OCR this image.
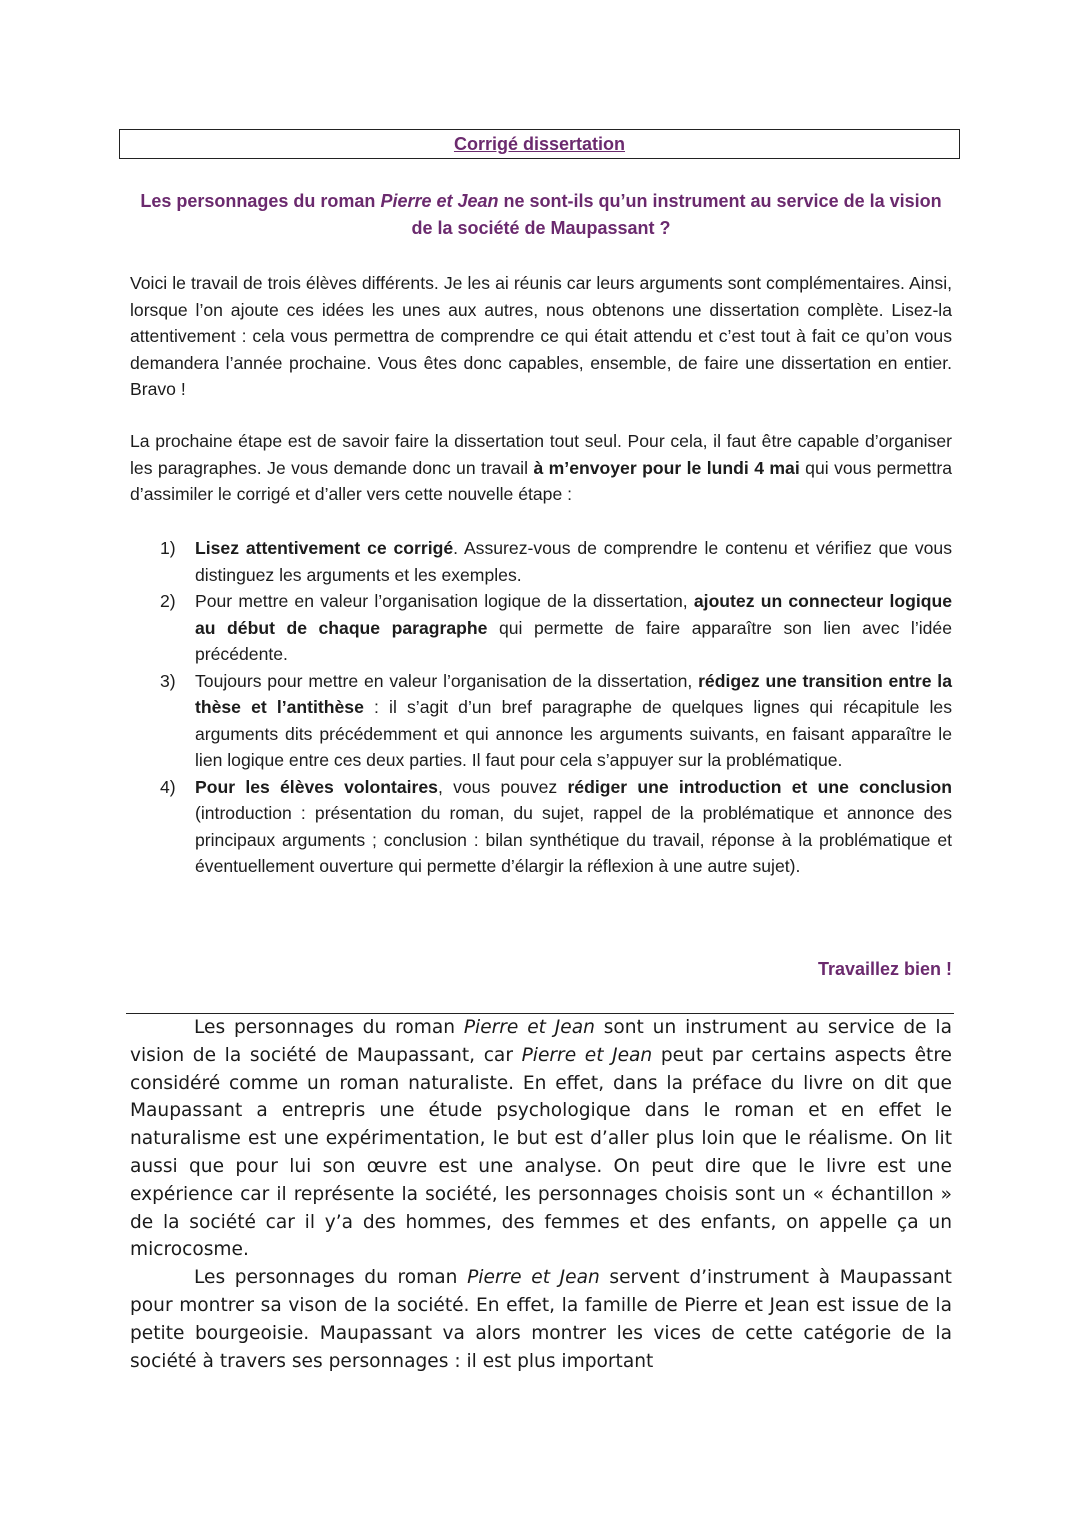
Corrigé dissertation
Les personnages du roman Pierre et Jean ne sont-ils qu’un instrument au service de la vision de la société de Maupassant ?
Voici le travail de trois élèves différents. Je les ai réunis car leurs arguments sont complémentaires. Ainsi, lorsque l’on ajoute ces idées les unes aux autres, nous obtenons une dissertation complète. Lisez-la attentivement : cela vous permettra de comprendre ce qui était attendu et c’est tout à fait ce qu’on vous demandera l’année prochaine. Vous êtes donc capables, ensemble, de faire une dissertation en entier. Bravo !
La prochaine étape est de savoir faire la dissertation tout seul. Pour cela, il faut être capable d’organiser les paragraphes. Je vous demande donc un travail à m’envoyer pour le lundi 4 mai qui vous permettra d’assimiler le corrigé et d’aller vers cette nouvelle étape :
1) Lisez attentivement ce corrigé. Assurez-vous de comprendre le contenu et vérifiez que vous distinguez les arguments et les exemples.
2) Pour mettre en valeur l’organisation logique de la dissertation, ajoutez un connecteur logique au début de chaque paragraphe qui permette de faire apparaître son lien avec l’idée précédente.
3) Toujours pour mettre en valeur l’organisation de la dissertation, rédigez une transition entre la thèse et l’antithèse : il s’agit d’un bref paragraphe de quelques lignes qui récapitule les arguments dits précédemment et qui annonce les arguments suivants, en faisant apparaître le lien logique entre ces deux parties. Il faut pour cela s’appuyer sur la problématique.
4) Pour les élèves volontaires, vous pouvez rédiger une introduction et une conclusion (introduction : présentation du roman, du sujet, rappel de la problématique et annonce des principaux arguments ; conclusion : bilan synthétique du travail, réponse à la problématique et éventuellement ouverture qui permette d’élargir la réflexion à une autre sujet).
Travaillez bien !

Les personnages du roman Pierre et Jean sont un instrument au service de la vision de la société de Maupassant, car Pierre et Jean peut par certains aspects être considéré comme un roman naturaliste. En effet, dans la préface du livre on dit que Maupassant a entrepris une étude psychologique dans le roman et en effet le naturalisme est une expérimentation, le but est d’aller plus loin que le réalisme. On lit aussi que pour lui son œuvre est une analyse. On peut dire que le livre est une expérience car il représente la société, les personnages choisis sont un « échantillon » de la société car il y’a des hommes, des femmes et des enfants, on appelle ça un microcosme.

Les personnages du roman Pierre et Jean servent d’instrument à Maupassant pour montrer sa vison de la société. En effet, la famille de Pierre et Jean est issue de la petite bourgeoisie. Maupassant va alors montrer les vices de cette catégorie de la société à travers ses personnages : il est plus important
